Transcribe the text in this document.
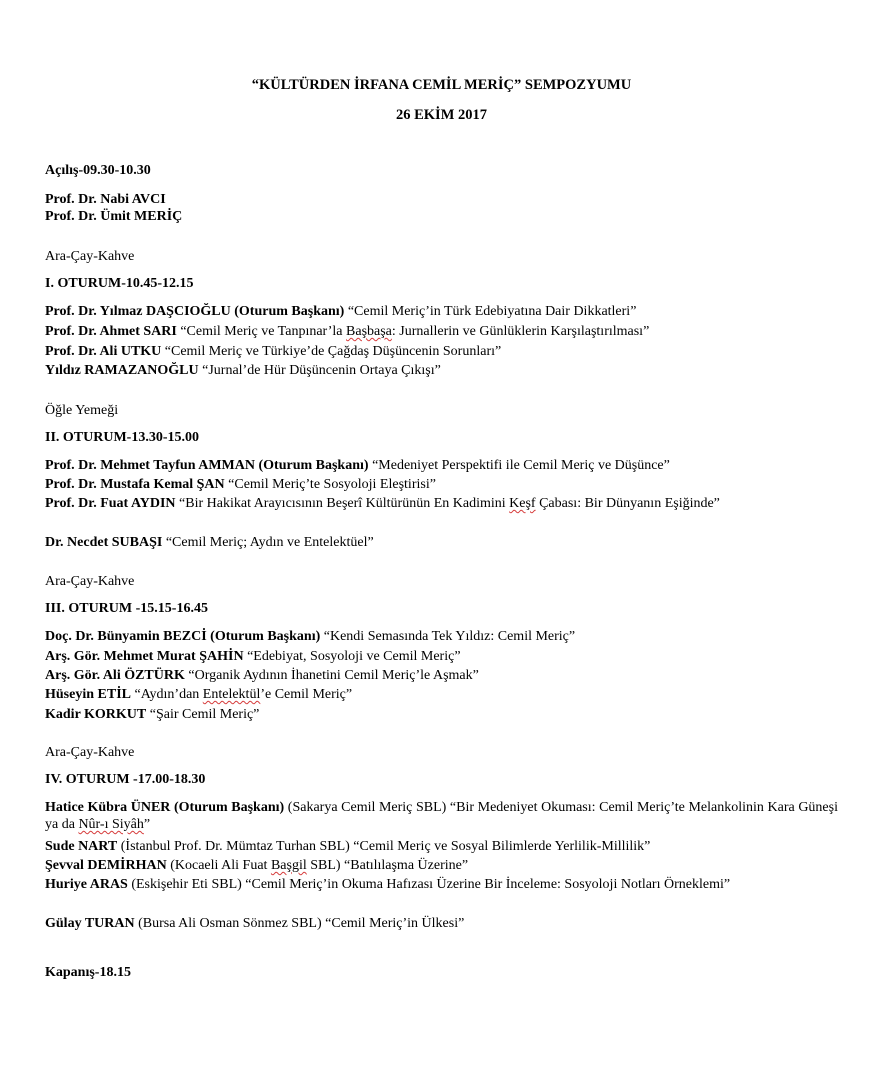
“KÜLTÜRDEN İRFANA CEMİL MERİÇ” SEMPOZYUMU
26 EKİM 2017
Açılış-09.30-10.30
Prof. Dr. Nabi AVCI
Prof. Dr. Ümit MERİÇ
Ara-Çay-Kahve
I. OTURUM-10.45-12.15
Prof. Dr. Yılmaz DAŞCIOĞLU (Oturum Başkanı) “Cemil Meriç’in Türk Edebiyatına Dair Dikkatleri”
Prof. Dr. Ahmet SARI “Cemil Meriç ve Tanpınar’la Başbaşa: Jurnallerin ve Günlüklerin Karşılaştırılması”
Prof. Dr. Ali UTKU “Cemil Meriç ve Türkiye’de Çağdaş Düşüncenin Sorunları”
Yıldız RAMAZANOĞLU “Jurnal’de Hür Düşüncenin Ortaya Çıkışı”
Öğle Yemeği
II. OTURUM-13.30-15.00
Prof. Dr. Mehmet Tayfun AMMAN (Oturum Başkanı) “Medeniyet Perspektifi ile Cemil Meriç ve Düşünce”
Prof. Dr. Mustafa Kemal ŞAN “Cemil Meriç’te Sosyoloji Eleştirisi”
Prof. Dr. Fuat AYDIN “Bir Hakikat Arayıcısının Beşerî Kültürünün En Kadimini Keşf Çabası: Bir Dünyanın Eşiğinde”
Dr. Necdet SUBAŞI “Cemil Meriç; Aydın ve Entelektüel”
Ara-Çay-Kahve
III. OTURUM -15.15-16.45
Doç. Dr. Bünyamin BEZCİ (Oturum Başkanı) “Kendi Semasında Tek Yıldız: Cemil Meriç”
Arş. Gör. Mehmet Murat ŞAHİN “Edebiyat, Sosyoloji ve Cemil Meriç”
Arş. Gör. Ali ÖZTÜRK “Organik Aydının İhanetini Cemil Meriç’le Aşmak”
Hüseyin ETİL “Aydın’dan Entelektül’e Cemil Meriç”
Kadir KORKUT “Şair Cemil Meriç”
Ara-Çay-Kahve
IV. OTURUM -17.00-18.30
Hatice Kübra ÜNER (Oturum Başkanı) (Sakarya Cemil Meriç SBL) “Bir Medeniyet Okuması: Cemil Meriç’te Melankolinin Kara Güneşi ya da Nûr-ı Siyâh”
Sude NART (İstanbul Prof. Dr. Mümtaz Turhan SBL) “Cemil Meriç ve Sosyal Bilimlerde Yerlilik-Millilik”
Şevval DEMİRHAN (Kocaeli Ali Fuat Başgil SBL) “Batılılaşma Üzerine”
Huriye ARAS (Eskişehir Eti SBL) “Cemil Meriç’in Okuma Hafızası Üzerine Bir İnceleme: Sosyoloji Notları Örneklemi”
Gülay TURAN (Bursa Ali Osman Sönmez SBL) “Cemil Meriç’in Ülkesi”
Kapanış-18.15
